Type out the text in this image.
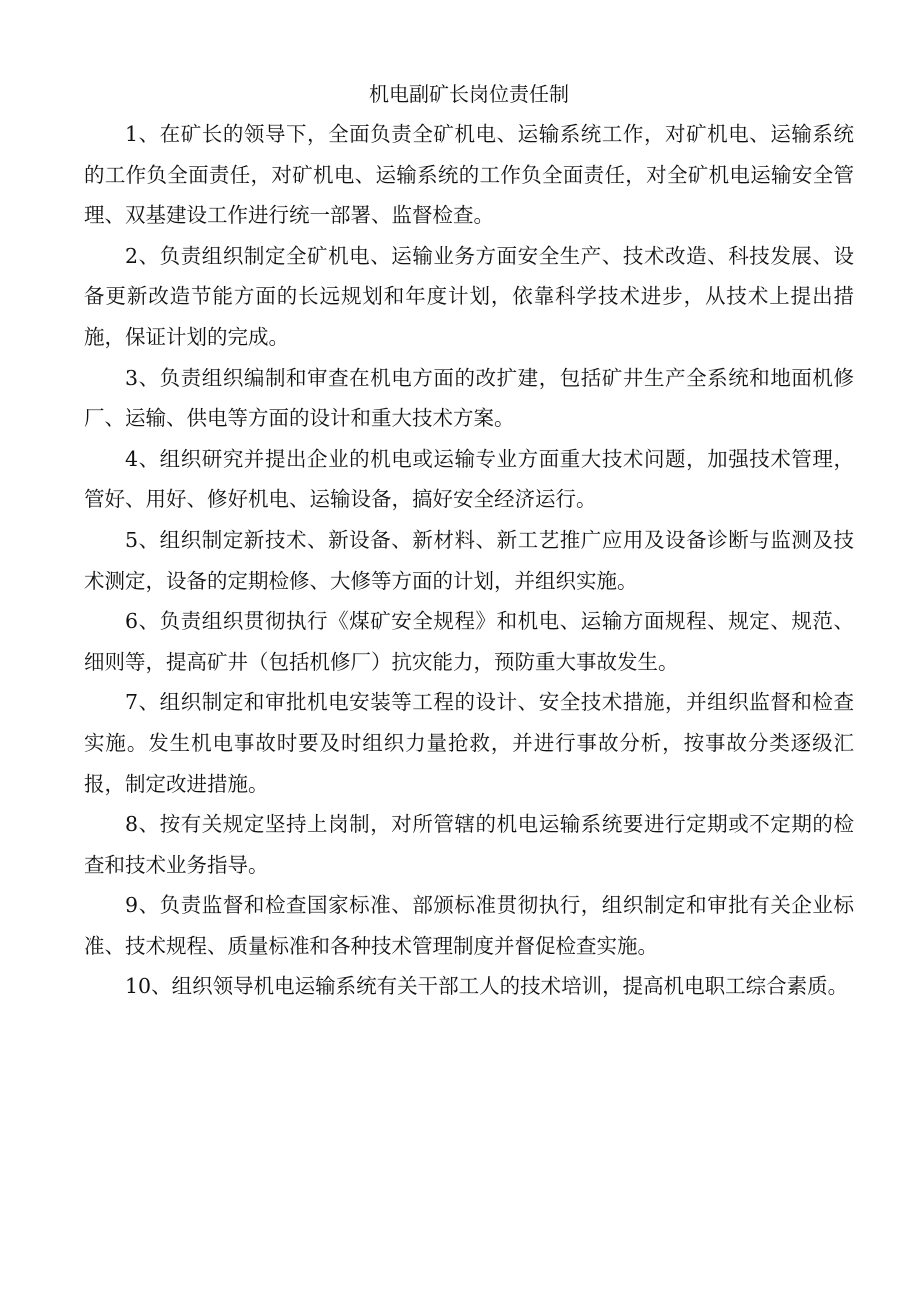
机电副矿长岗位责任制

1、在矿长的领导下，全面负责全矿机电、运输系统工作，对矿机电、运输系统的工作负全面责任，对矿机电、运输系统的工作负全面责任，对全矿机电运输安全管理、双基建设工作进行统一部署、监督检查。

2、负责组织制定全矿机电、运输业务方面安全生产、技术改造、科技发展、设备更新改造节能方面的长远规划和年度计划，依靠科学技术进步，从技术上提出措施，保证计划的完成。

3、负责组织编制和审查在机电方面的改扩建，包括矿井生产全系统和地面机修厂、运输、供电等方面的设计和重大技术方案。

4、组织研究并提出企业的机电或运输专业方面重大技术问题，加强技术管理，管好、用好、修好机电、运输设备，搞好安全经济运行。

5、组织制定新技术、新设备、新材料、新工艺推广应用及设备诊断与监测及技术测定，设备的定期检修、大修等方面的计划，并组织实施。

6、负责组织贯彻执行《煤矿安全规程》和机电、运输方面规程、规定、规范、细则等，提高矿井（包括机修厂）抗灾能力，预防重大事故发生。

7、组织制定和审批机电安装等工程的设计、安全技术措施，并组织监督和检查实施。发生机电事故时要及时组织力量抢救，并进行事故分析，按事故分类逐级汇报，制定改进措施。

8、按有关规定坚持上岗制，对所管辖的机电运输系统要进行定期或不定期的检查和技术业务指导。

9、负责监督和检查国家标准、部颁标准贯彻执行，组织制定和审批有关企业标准、技术规程、质量标准和各种技术管理制度并督促检查实施。

10、组织领导机电运输系统有关干部工人的技术培训，提高机电职工综合素质。
